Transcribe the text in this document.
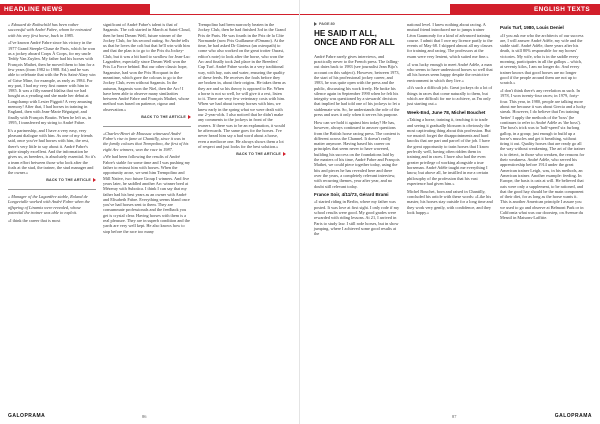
HEADLINE NEWS

« Edouard de Rothschild has been rather successful with André Fabre, whom he entrusted with his very first horse, back in 1985.

«I've known André Fabre since his victory in the 1977 Grand Steeple-Chase de Paris, which he won as a jockey aboard Corps À Corps, for my uncle Teddy Van Zuylen. My father had his horses with François Mathet, then he moved them to him for a few years (from 1982 to 1988. Ed.) and he was able to celebrate that with the Prix Saint-Alary win of Grise Mine, for example, as early as 1984. For my part, I had my very first runner with him in 1985. It was a filly named Idalisa that we had bought as a yearling and she made her debut at Longchamp with Lester Piggott! A very amusing memory! After that, I had horses in training in England, then with Jean-Marie Béguigné, and finally with François Boutin. When he left us, in 1995, I transferred my string to André Fabre.

It's a partnership, and I have a very easy, very pleasant dialogue with him. As one of my friends said, once you've had horses with him, the rest, there's very little to say about it. André Fabre's quite simply excellent. And the information he gives us, as breeders, is absolutely essential. So it's a team effort between those who look after the foals at the stud, the trainer, the stud manager and the owner.»

BACK TO THE ARTICLE

« Manager of the Lagardère stable, Roland de Longevialle worked with André Fabre when the offspring of Linamix were revealed, whose potential the trainer was able to exploit.

«I think the career that is most

significant of André Fabre's talent is that of Sagamix. The colt started in March at Saint-Cloud, then he beat Dream Well, future winner of the Jockey Club, for his second outing. So André tells us that he loves the colt but that he'll win with him and that the plan is to go to the Prix du Jockey-Club, but it was a bit hard to swallow for Jean-Luc Lagardère, especially since Dream Well won the Prix La Force behind. But our other classic hope, Sagamixe, had won the Prix Hocquart in the meantime, which gave the colours to go to the Jockey Club, even without Sagamix. In the autumn, Sagamix won the Niel, then the Arc! I have been able to observe many similarities between André Fabre and François Mathet, whose method was based on patience, rigour and observation.»

BACK TO THE ARTICLE

«Charles-Henri de Moussac witnessed André Fabre's rise to fame at Chantilly, since it was in the family colours that Trempolino, the first of his eight Arc winners, won the race in 1987.

«We had been following the results of André Fabre's stable for some time and I was pushing my father to entrust him with horses. When the opportunity arose, we sent him Trempolino and Mill Native, two future Group I winners. And five years later, he saddled another Arc winner bred at Mézeray with Subotica. I think I can say that my father had his best years as an owner with André and Elisabeth Fabre. Everything seems bland once you've had horses sent to them. They are consummate professionals and the feedback you get is crystal clear. Having horses with them is a real pleasure. They are in superb condition and the yards are very well kept. He also knows how to stop before the race too many

Trempolino had been narrowly beaten in the Jockey Club, then he had finished 3rd in the Grand Prix de Paris. He was fourth in the Prix de la Côte Normande (now Prix Guillaume d'Ornano). At the time, he had asked Dr Ginieux (an osteopath) to come who also worked on the great trotter Ourasi, editor's note) to look after the horse, who won the Arc and finally took 2nd place in the Breeders' Cup Turf. André Fabre works in a very traditional way, with hay, oats and water, ensuring the quality of these feeds. He receives the foals before they are broken in, about their origins. He takes them as they are and so his theory is opposed to Be. When a horse is not so well, he will give it a rest, listen to it. There are very few veterinary costs with him. When we had about twenty horses with him, we knew early in the spring what we were dealt with our 2-year-olds. I also noticed that he didn't make any comments to the jockeys in front of the owners. If there was to be an explanation, it would be afterwards. The same goes for the horses. I've never heard him say a bad word about a horse, even a mediocre one. He always shows them a lot of respect and just looks for the best solution.»

BACK TO THE ARTICLE
GALOPRAMA	86
ENGLISH TEXTS
PAGE 80
HE SAID IT ALL,
ONCE AND FOR ALL

André Fabre rarely gives interviews, and practically never to the French press. The falling-out dates back to 1983 (see journalist Jean Bijo's account on this subject). However, between 1973, the start of his professional jockey career, and 1983, he was quite open with the press and the public, discussing his work freely. He broke his silence again in September 1990 when he felt his integrity was questioned by a stewards' decision that implied he had told one of his jockeys to let a stablemate win. So, he understands the role of the press and uses it only when it serves his purpose.

How can we hold it against him today? He has, however, always continued to answer questions from the British horse racing press. The content is different across the Channel. It doesn't really matter anymore. Having based his career on principles that seem never to have wavered, building his success on the foundations laid by the masters of his time, André Fabre and François Mathet, we could piece together today, using the bits and pieces he has revealed here and there over the years, a completely relevant interview, with recurring themes, year after year, and no doubt still relevant today.

France Soir, 4/11/73, Gérard Brami

«I started riding in Berlin, where my father was posted. It was love at first sight. I only rode if my school results were good. My good grades were rewarded with riding lessons. At 21, I arrived in Paris to study law. I still rode horses, but in show jumping, where I achieved some good results at the

national level. I knew nothing about racing. A mutual friend introduced me to jumps trainer Léon Gaumondy for a kind of advanced training course. I admit that I owe my licence partly to the events of May 68. I skipped almost all my classes for training and racing. The professors at the exam were very lenient, which suited me fine.»

«I was lucky enough to meet André Adèle, a man who seems to have understood horses so well that all his horses seem happy despite the restrictive environment in which they live.»

«It's such a difficult job. Great jockeys do a lot of things in races that come naturally to them, but which are difficult for me to achieve, as I'm only just starting out.»

Week-End, June 78, Michel Bouchet

«Taking a horse, training it, teaching it to trade and seeing it gradually blossom is obviously the most captivating thing about this profession. But we mustn't forget the disappointments and hard knocks that are part and parcel of the job. I have the great opportunity to train horses that I know perfectly well, having often ridden them in training and in races. I have also had the even greater privilege of working alongside a true horseman. André Adèle taught me everything I know, but above all, he instilled in me a certain philosophy of the profession that his vast experience had given him.»

Michel Bouchet, born and raised in Chantilly, concluded his article with these words: «Like his master, his horses stay outside for a long time and they work very gently, with confidence, and they look happy.»

Paris Turf, 1980, Louis Deniel

«If you ask me who the architects of our success are, I will answer André Adèle, my wife and the stable staff. André Adèle, three years after his death, is still 80% responsible for my horses' victories. My wife, who is in the saddle every morning, participates in all the gallops – which, at seventy kilos, I am no longer do. And every trainer knows that good horses are no longer good if the people around them are not up to scratch.»

«I don't think there's any revelation as such. In 1978, I won twenty-four races; in 1979, forty-four. This year, in 1980, people are talking more about me because it was about Grecia and a lucky streak. However, I do believe that I'm training 'better' I apply the methods of the 'boss' (he continues to refer to André Adèle as 'the boss'). The boss's trick was to 'half-speed' six furlong gallop, in a group; just enough to build up a horse's muscles and get it breathing, without tiring it out. Quality horses that are ready go all the way without weakening. The art of the trainer is to detect, in those who weaken, the reasons for their weakness. André Adèle, who served his apprenticeship before 1914 under the great American trainer Leigh, was, in his methods, an American trainer. Another example: feeding. In Europe, the basis is oats at will. He believed that oats were only a supplement, to be rationed, and that the good hay should be the main component of their diet, for as long as the horse wants it. This is another American principle I assure you we used to go and observe at Belmont Park or in California what was our doorstep, on Avenue du Mesnil in Maisons-Laffitte.

87	GALOPRAMA
